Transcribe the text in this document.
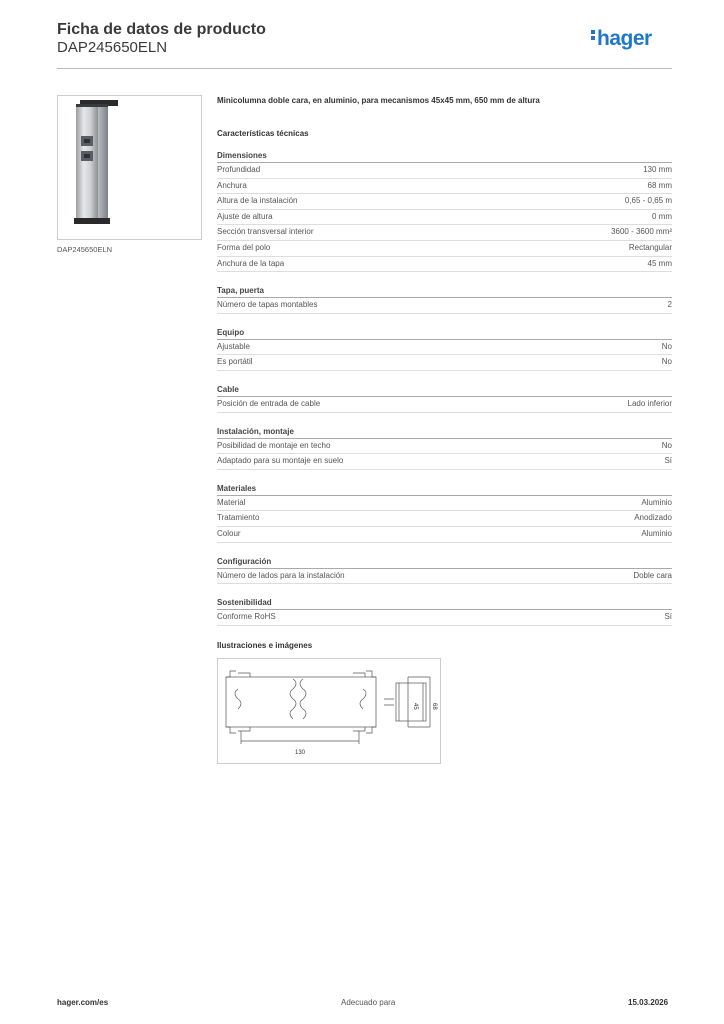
Ficha de datos de producto
DAP245650ELN	hager
DAP245650ELN
Minicolumna doble cara, en aluminio, para mecanismos 45x45 mm, 650 mm de altura
Características técnicas
Dimensiones
Profundidad	130 mm
Anchura	68 mm
Altura de la instalación	0,65 - 0,65 m
Ajuste de altura	0 mm
Sección transversal interior	3600 - 3600 mm²
Forma del polo	Rectangular
Anchura de la tapa	45 mm
Tapa, puerta
Número de tapas montables	2
Equipo
Ajustable	No
Es portátil	No
Cable
Posición de entrada de cable	Lado inferior
Instalación, montaje
Posibilidad de montaje en techo	No
Adaptado para su montaje en suelo	Sí
Materiales
Material	Aluminio
Tratamiento	Anodizado
Colour	Aluminio
Configuración
Número de lados para la instalación	Doble cara
Sostenibilidad
Conforme RoHS	Sí
Ilustraciones e imágenes
130
45 68
hager.com/es	Adecuado para	15.03.2026
